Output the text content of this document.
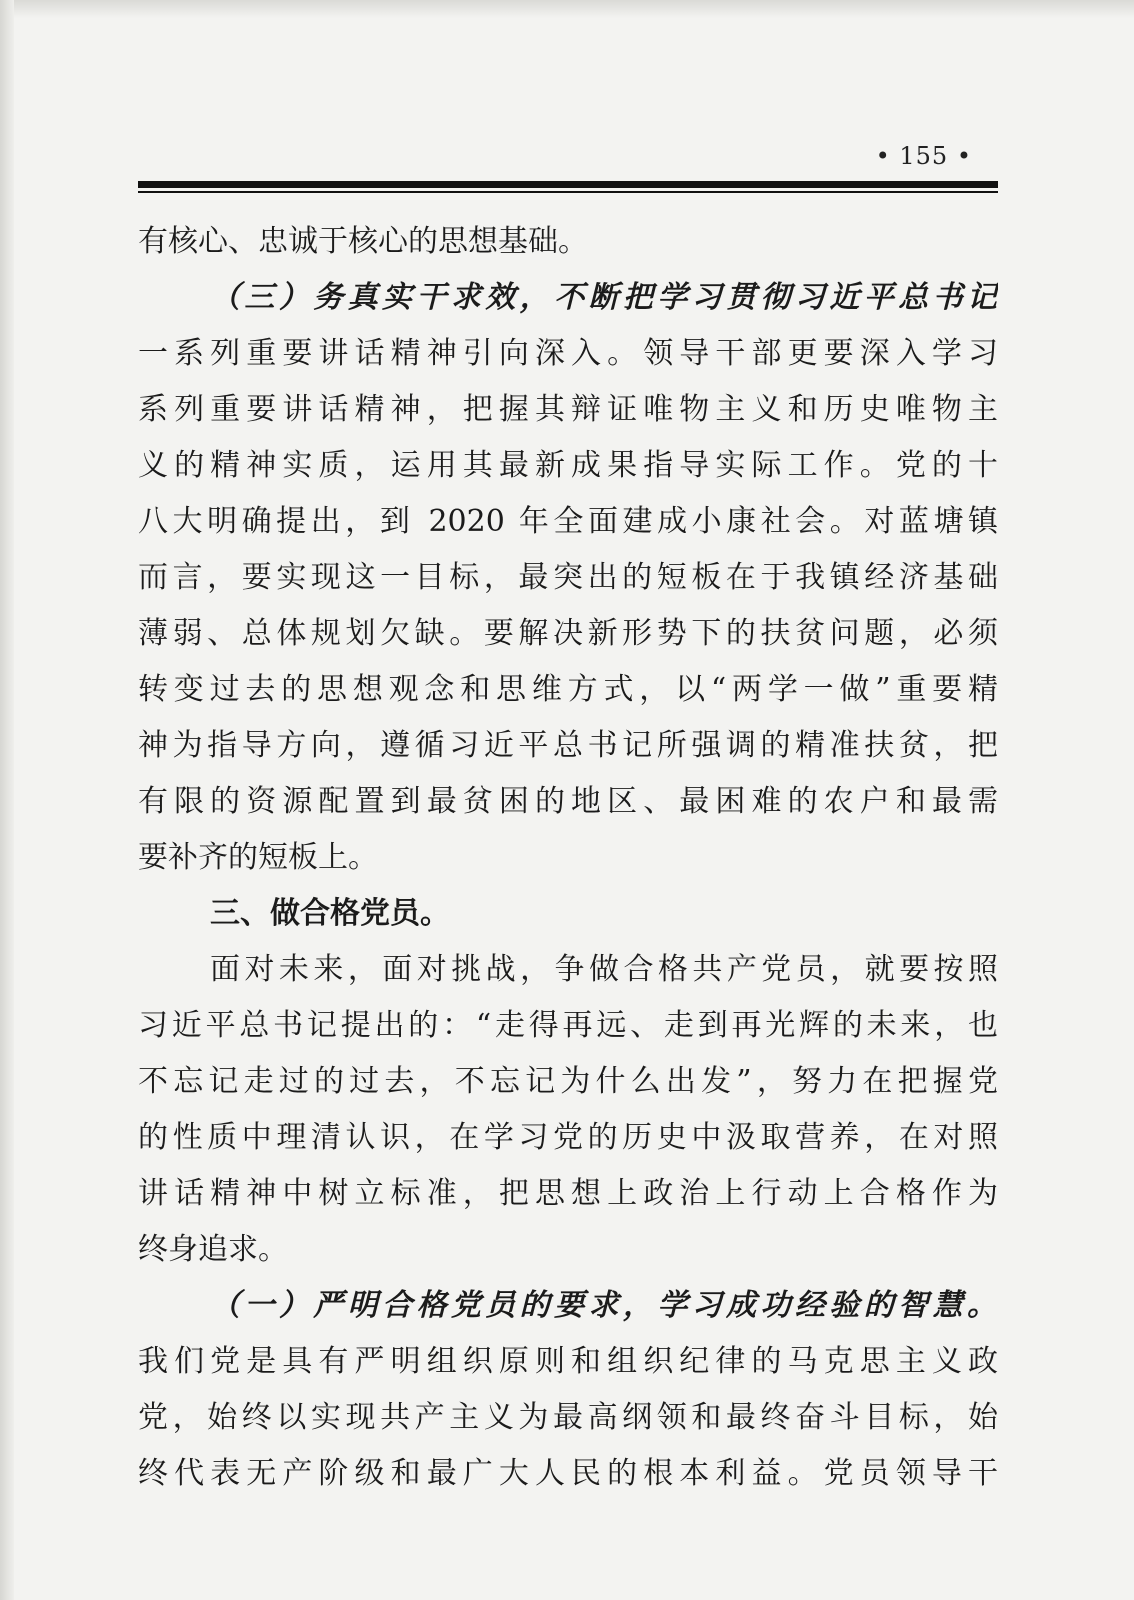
• 155 •
有核心、忠诚于核心的思想基础。
（三）务真实干求效，不断把学习贯彻习近平总书记
一系列重要讲话精神引向深入。领导干部更要深入学习
系列重要讲话精神，把握其辩证唯物主义和历史唯物主
义的精神实质，运用其最新成果指导实际工作。党的十
八大明确提出，到 2020 年全面建成小康社会。对蓝塘镇
而言，要实现这一目标，最突出的短板在于我镇经济基础
薄弱、总体规划欠缺。要解决新形势下的扶贫问题，必须
转变过去的思想观念和思维方式，以“两学一做”重要精
神为指导方向，遵循习近平总书记所强调的精准扶贫，把
有限的资源配置到最贫困的地区、最困难的农户和最需
要补齐的短板上。
三、做合格党员。
面对未来，面对挑战，争做合格共产党员，就要按照
习近平总书记提出的：“走得再远、走到再光辉的未来，也
不忘记走过的过去，不忘记为什么出发”，努力在把握党
的性质中理清认识，在学习党的历史中汲取营养，在对照
讲话精神中树立标准，把思想上政治上行动上合格作为
终身追求。
（一）严明合格党员的要求，学习成功经验的智慧。
我们党是具有严明组织原则和组织纪律的马克思主义政
党，始终以实现共产主义为最高纲领和最终奋斗目标，始
终代表无产阶级和最广大人民的根本利益。党员领导干
